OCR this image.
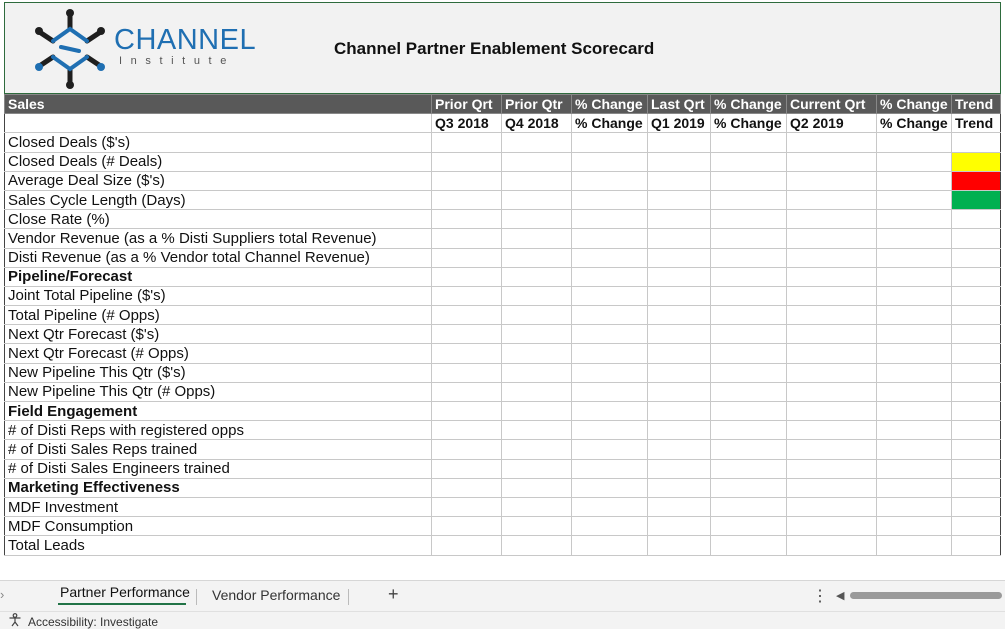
CHANNEL
Institute
Channel Partner Enablement Scorecard
Sales	Prior Qrt	Prior Qtr	% Change	Last Qrt	% Change	Current Qrt	% Change	Trend
	Q3 2018	Q4 2018	% Change	Q1 2019	% Change	Q2 2019	% Change	Trend
Closed Deals ($'s)								
Closed Deals (# Deals)								
Average Deal Size ($'s)								
Sales Cycle Length (Days)								
Close Rate (%)								
Vendor Revenue (as a % Disti Suppliers total Revenue)								
Disti Revenue (as a % Vendor total Channel Revenue)								
Pipeline/Forecast								
Joint Total Pipeline ($'s)								
Total Pipeline (# Opps)								
Next Qtr Forecast ($'s)								
Next Qtr Forecast (# Opps)								
New Pipeline This Qtr ($'s)								
New Pipeline This Qtr (# Opps)								
Field Engagement								
# of Disti Reps with registered opps								
# of Disti Sales Reps trained								
# of Disti Sales Engineers trained								
Marketing Effectiveness								
MDF Investment								
MDF Consumption								
Total Leads								
›	Partner Performance Vendor Performance	+	⋮ ◀
Accessibility: Investigate
